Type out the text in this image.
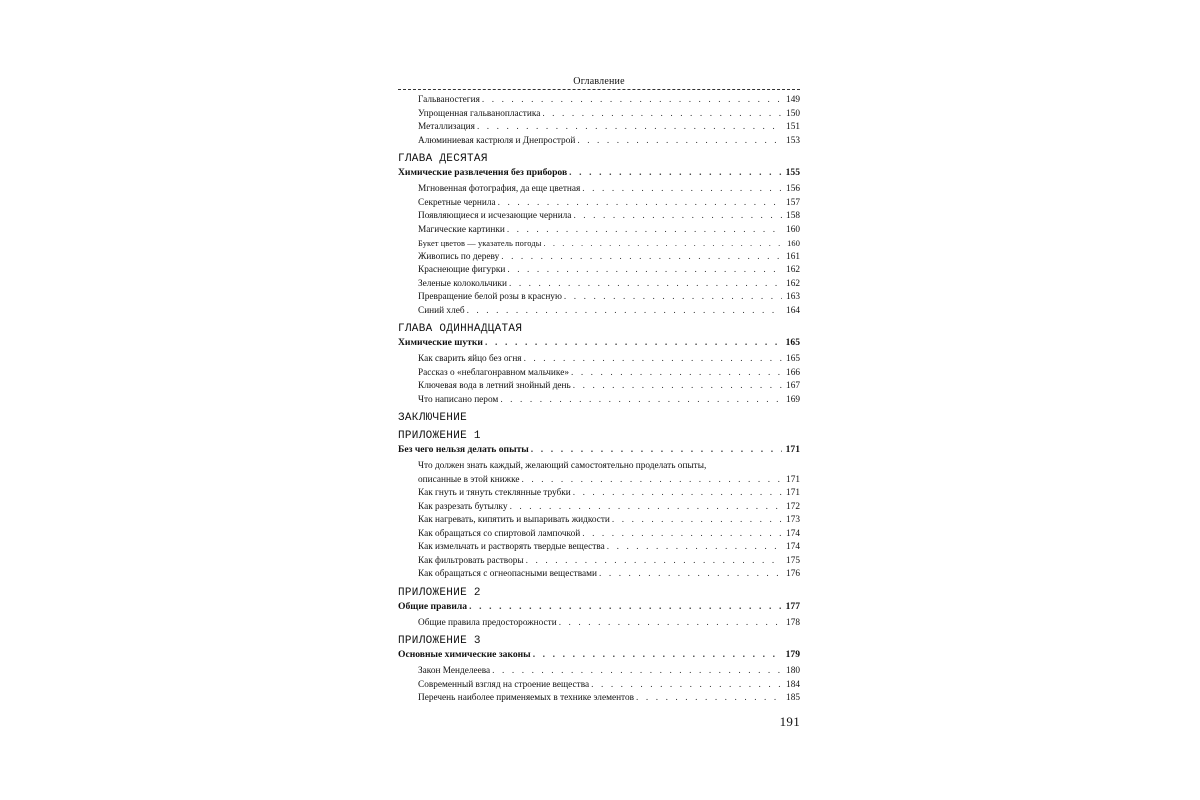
Оглавление
Гальваностегия . . .	149
Упрощенная гальванопластика . . .	150
Металлизация . . .	151
Алюминиевая кастрюля и Днепрострой . . .	153
ГЛАВА ДЕСЯТАЯ
Химические развлечения без приборов . . .	155
Мгновенная фотография, да еще цветная . . .	156
Секретные чернила . . .	157
Появляющиеся и исчезающие чернила . . .	158
Магические картинки . . .	160
Букет цветов — указатель погоды . . .	160
Живопись по дереву . . .	161
Краснеющие фигурки . . .	162
Зеленые колокольчики . . .	162
Превращение белой розы в красную . . .	163
Синий хлеб . . .	164
ГЛАВА ОДИННАДЦАТАЯ
Химические шутки . . .	165
Как сварить яйцо без огня . . .	165
Рассказ о «неблагонравном мальчике» . . .	166
Ключевая вода в летний знойный день . . .	167
Что написано пером . . .	169
ЗАКЛЮЧЕНИЕ
ПРИЛОЖЕНИЕ 1
Без чего нельзя делать опыты . . .	171
Что должен знать каждый, желающий самостоятельно проделать опыты,
описанные в этой книжке . . .	171
Как гнуть и тянуть стеклянные трубки . . .	171
Как разрезать бутылку . . .	172
Как нагревать, кипятить и выпаривать жидкости . . .	173
Как обращаться со спиртовой лампочкой . . .	174
Как измельчать и растворять твердые вещества . . .	174
Как фильтровать растворы . . .	175
Как обращаться с огнеопасными веществами . . .	176
ПРИЛОЖЕНИЕ 2
Общие правила . . .	177
Общие правила предосторожности . . .	178
ПРИЛОЖЕНИЕ 3
Основные химические законы . . .	179
Закон Менделеева . . .	180
Современный взгляд на строение вещества . . .	184
Перечень наиболее применяемых в технике элементов . . .	185
191
